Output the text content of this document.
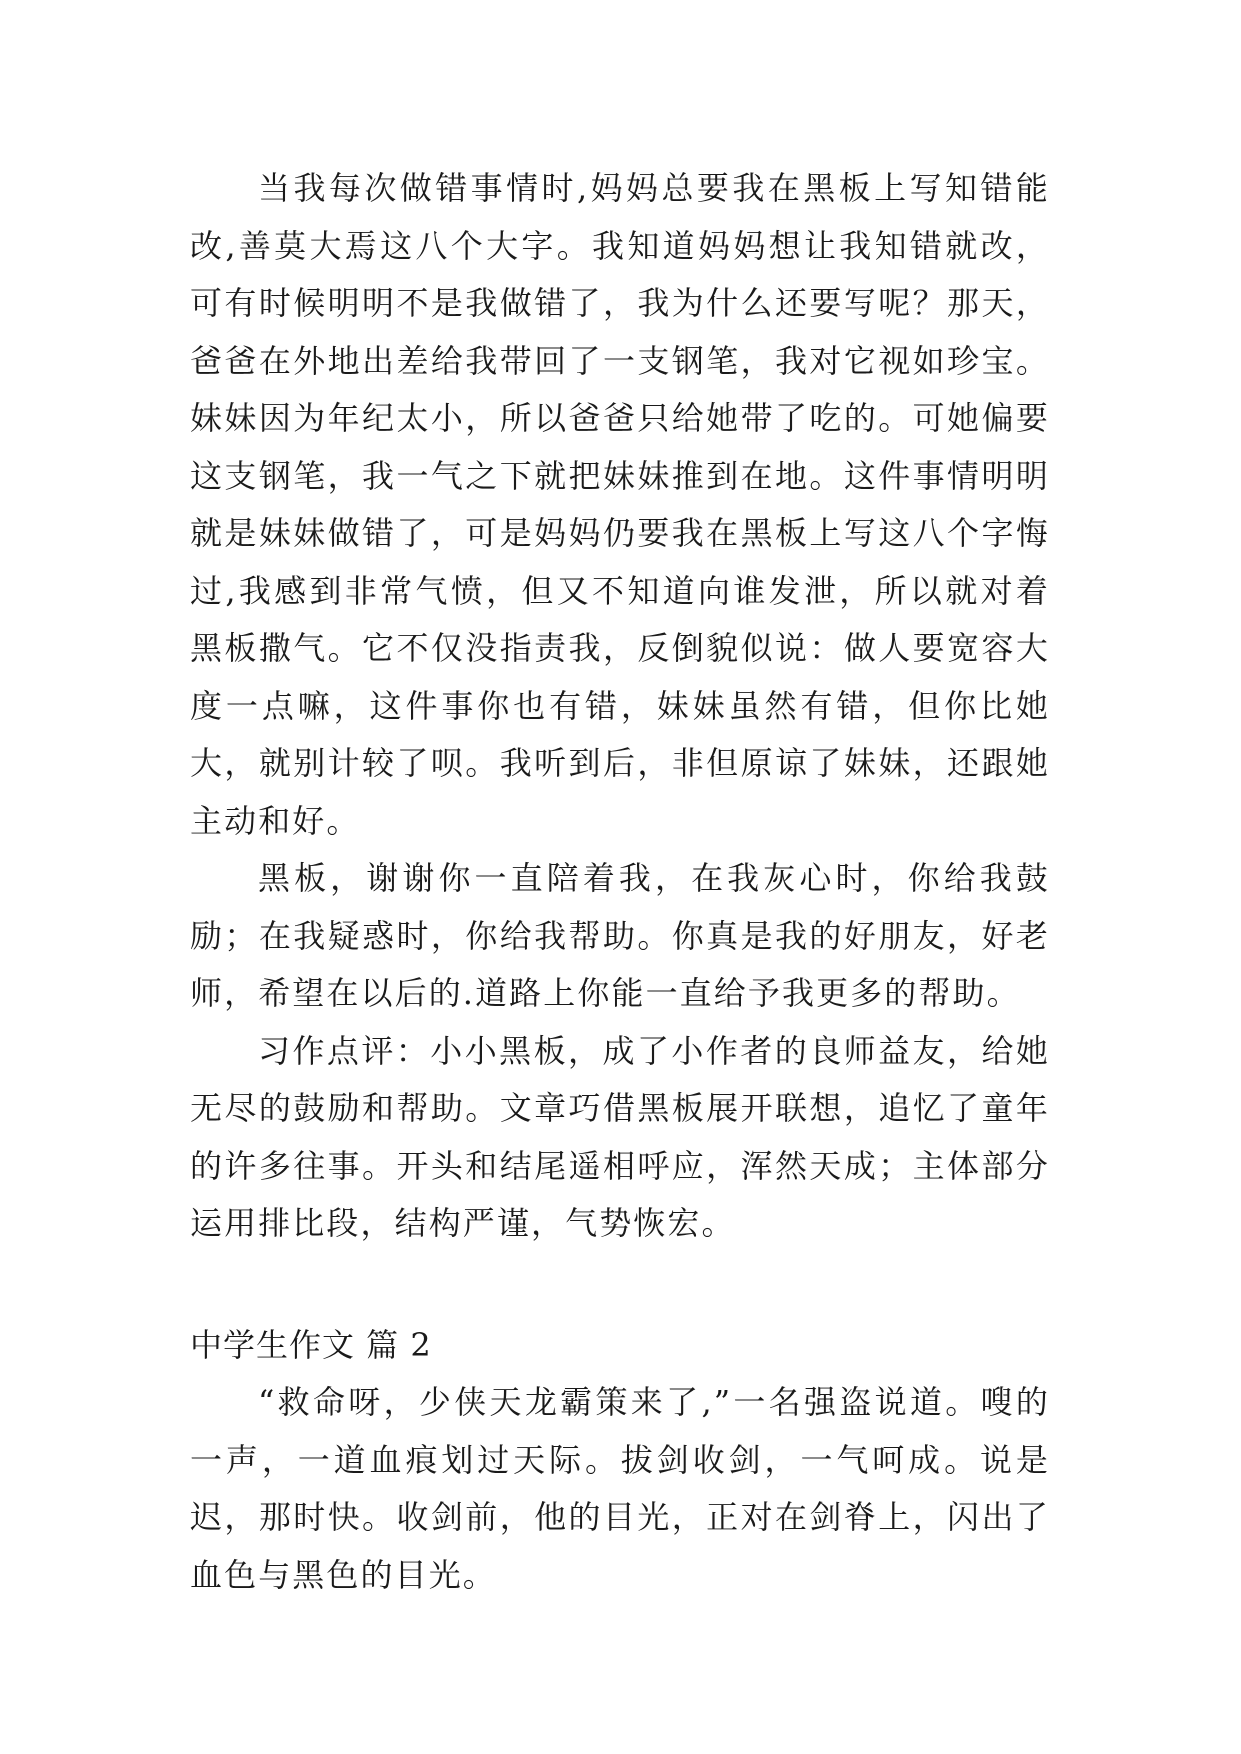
当我每次做错事情时,妈妈总要我在黑板上写知错能改,善莫大焉这八个大字。我知道妈妈想让我知错就改，可有时候明明不是我做错了，我为什么还要写呢？那天，爸爸在外地出差给我带回了一支钢笔，我对它视如珍宝。妹妹因为年纪太小，所以爸爸只给她带了吃的。可她偏要这支钢笔，我一气之下就把妹妹推到在地。这件事情明明就是妹妹做错了，可是妈妈仍要我在黑板上写这八个字悔过,我感到非常气愤，但又不知道向谁发泄，所以就对着黑板撒气。它不仅没指责我，反倒貌似说：做人要宽容大度一点嘛，这件事你也有错，妹妹虽然有错，但你比她大，就别计较了呗。我听到后，非但原谅了妹妹，还跟她主动和好。

黑板，谢谢你一直陪着我，在我灰心时，你给我鼓励；在我疑惑时，你给我帮助。你真是我的好朋友，好老师，希望在以后的.道路上你能一直给予我更多的帮助。

习作点评：小小黑板，成了小作者的良师益友，给她无尽的鼓励和帮助。文章巧借黑板展开联想，追忆了童年的许多往事。开头和结尾遥相呼应，浑然天成；主体部分运用排比段，结构严谨，气势恢宏。

中学生作文 篇 2

“救命呀，少侠天龙霸策来了,”一名强盗说道。嗖的一声，一道血痕划过天际。拔剑收剑，一气呵成。说是迟，那时快。收剑前，他的目光，正对在剑脊上，闪出了血色与黑色的目光。
